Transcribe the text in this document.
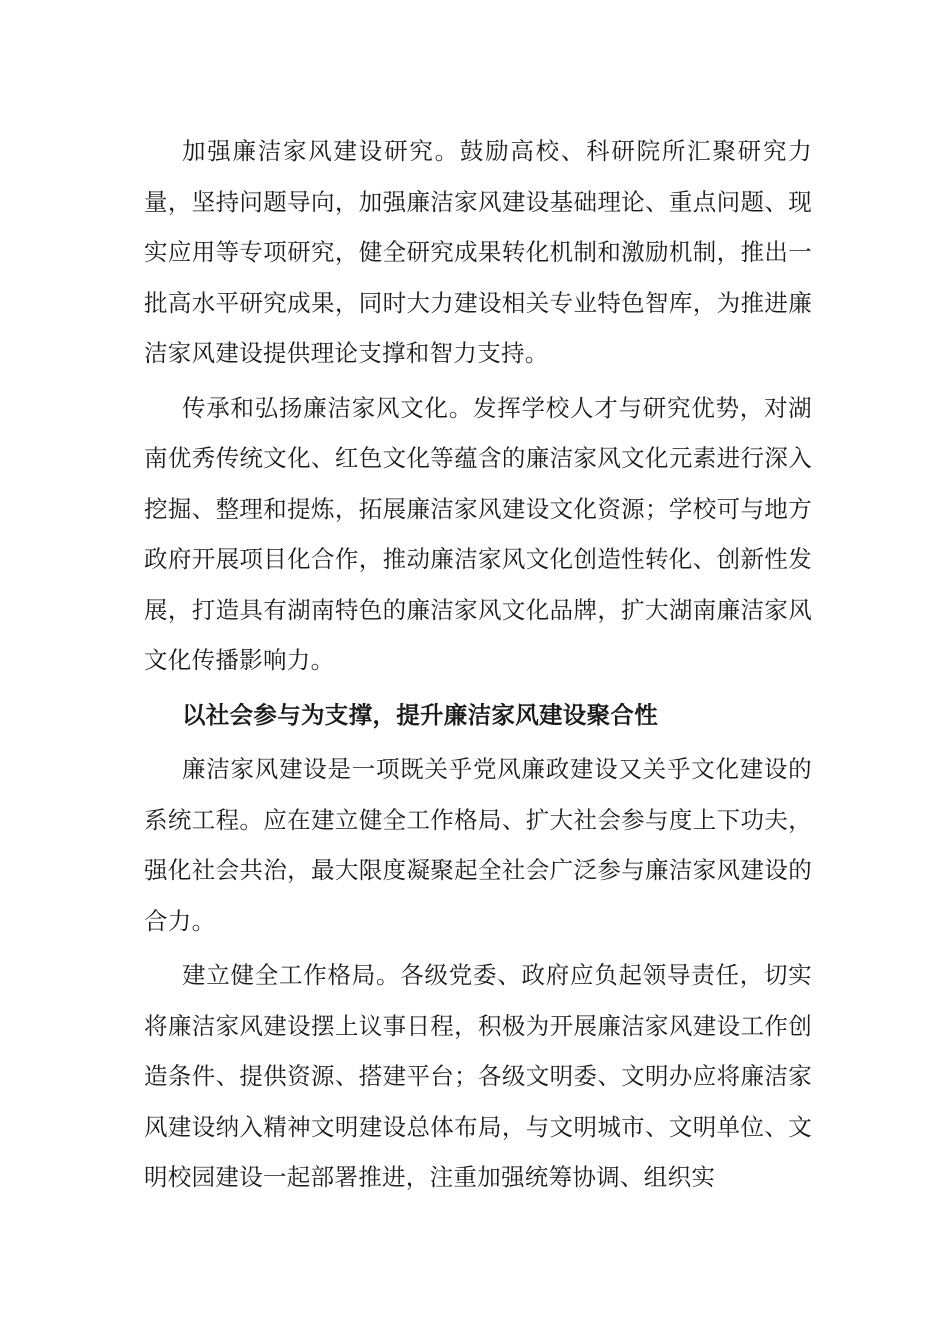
加强廉洁家风建设研究。鼓励高校、科研院所汇聚研究力量，坚持问题导向，加强廉洁家风建设基础理论、重点问题、现实应用等专项研究，健全研究成果转化机制和激励机制，推出一批高水平研究成果，同时大力建设相关专业特色智库，为推进廉洁家风建设提供理论支撑和智力支持。

传承和弘扬廉洁家风文化。发挥学校人才与研究优势，对湖南优秀传统文化、红色文化等蕴含的廉洁家风文化元素进行深入挖掘、整理和提炼，拓展廉洁家风建设文化资源；学校可与地方政府开展项目化合作，推动廉洁家风文化创造性转化、创新性发展，打造具有湖南特色的廉洁家风文化品牌，扩大湖南廉洁家风文化传播影响力。

以社会参与为支撑，提升廉洁家风建设聚合性

廉洁家风建设是一项既关乎党风廉政建设又关乎文化建设的系统工程。应在建立健全工作格局、扩大社会参与度上下功夫，强化社会共治，最大限度凝聚起全社会广泛参与廉洁家风建设的合力。

建立健全工作格局。各级党委、政府应负起领导责任，切实将廉洁家风建设摆上议事日程，积极为开展廉洁家风建设工作创造条件、提供资源、搭建平台；各级文明委、文明办应将廉洁家风建设纳入精神文明建设总体布局，与文明城市、文明单位、文明校园建设一起部署推进，注重加强统筹协调、组织实
